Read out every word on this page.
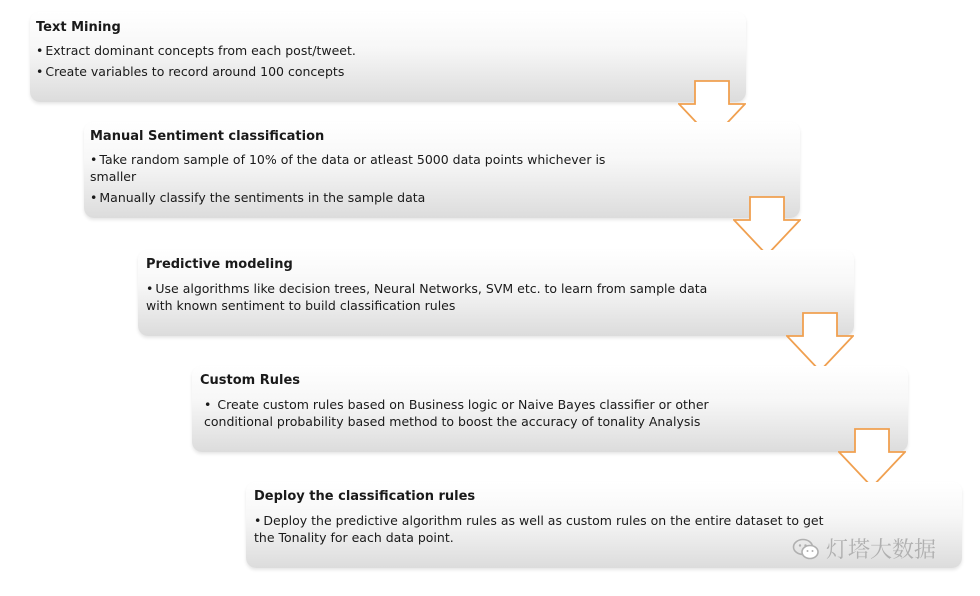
Text Mining
• Extract dominant concepts from each post/tweet.
• Create variables to record around 100 concepts
Manual Sentiment classification
• Take random sample of 10% of the data or atleast 5000 data points whichever is smaller
• Manually classify the sentiments in the sample data
Predictive modeling
• Use algorithms like decision trees, Neural Networks, SVM etc. to learn from sample data with known sentiment to build classification rules
Custom Rules
• Create custom rules based on Business logic or Naive Bayes classifier or other conditional probability based method to boost the accuracy of tonality Analysis
Deploy the classification rules
• Deploy the predictive algorithm rules as well as custom rules on the entire dataset to get the Tonality for each data point.
灯塔大数据
